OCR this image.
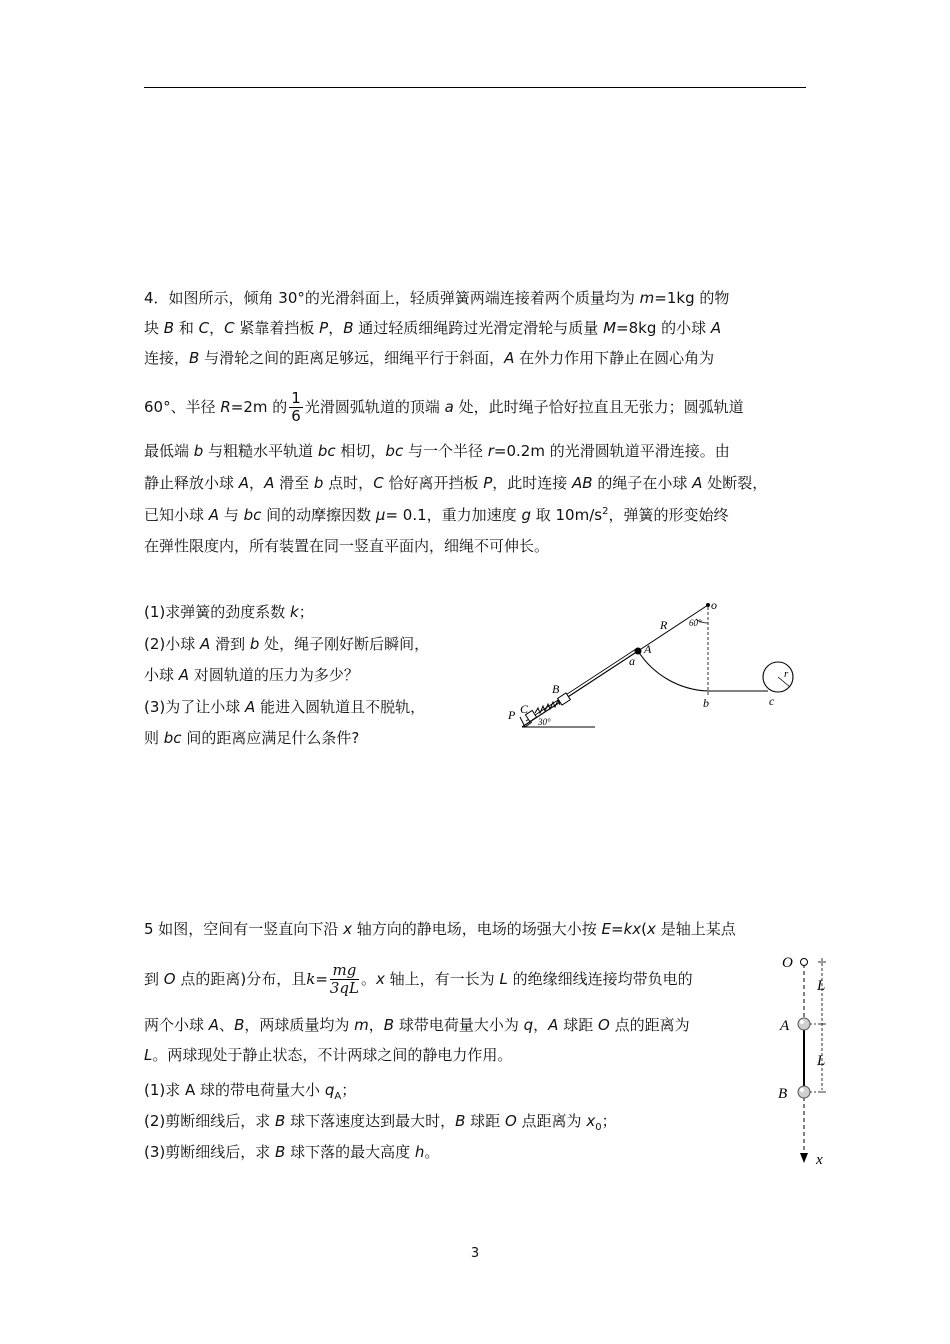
4．如图所示，倾角 30°的光滑斜面上，轻质弹簧两端连接着两个质量均为 m=1kg 的物
块 B 和 C，C 紧靠着挡板 P，B 通过轻质细绳跨过光滑定滑轮与质量 M=8kg 的小球 A
连接，B 与滑轮之间的距离足够远，细绳平行于斜面，A 在外力作用下静止在圆心角为
60°、半径 R=2m 的 $\frac{1}{6}$ 光滑圆弧轨道的顶端 a 处，此时绳子恰好拉直且无张力；圆弧轨道
最低端 b 与粗糙水平轨道 bc 相切，bc 与一个半径 r=0.2m 的光滑圆轨道平滑连接。由
静止释放小球 A，A 滑至 b 点时，C 恰好离开挡板 P，此时连接 AB 的绳子在小球 A 处断裂，
已知小球 A 与 bc 间的动摩擦因数 μ= 0.1，重力加速度 g 取 $10m/s^2$，弹簧的形变始终
在弹性限度内，所有装置在同一竖直平面内，细绳不可伸长。
(1)求弹簧的劲度系数 k；
(2)小球 A 滑到 b 处，绳子刚好断后瞬间，
小球 A 对圆轨道的压力为多少？
(3)为了让小球 A 能进入圆轨道且不脱轨，
则 bc 间的距离应满足什么条件?
o
R 60°
A
a
b	c
r
B
C
P	30°
5 如图，空间有一竖直向下沿 x 轴方向的静电场，电场的场强大小按 E=kx(x 是轴上某点
到 O 点的距离)分布，且$k= \frac{mg}{3qL}$ 。x 轴上，有一长为 L 的绝缘细线连接均带负电的
两个小球 A、B，两球质量均为 m，B 球带电荷量大小为 q，A 球距 O 点的距离为
L。两球现处于静止状态，不计两球之间的静电力作用。
(1)求 A 球的带电荷量大小 $q_A$；
(2)剪断细线后，求 B 球下落速度达到最大时，B 球距 O 点距离为 $x_0$；
(3)剪断细线后，求 B 球下落的最大高度 h。
O
L
A
L
B
x
3
